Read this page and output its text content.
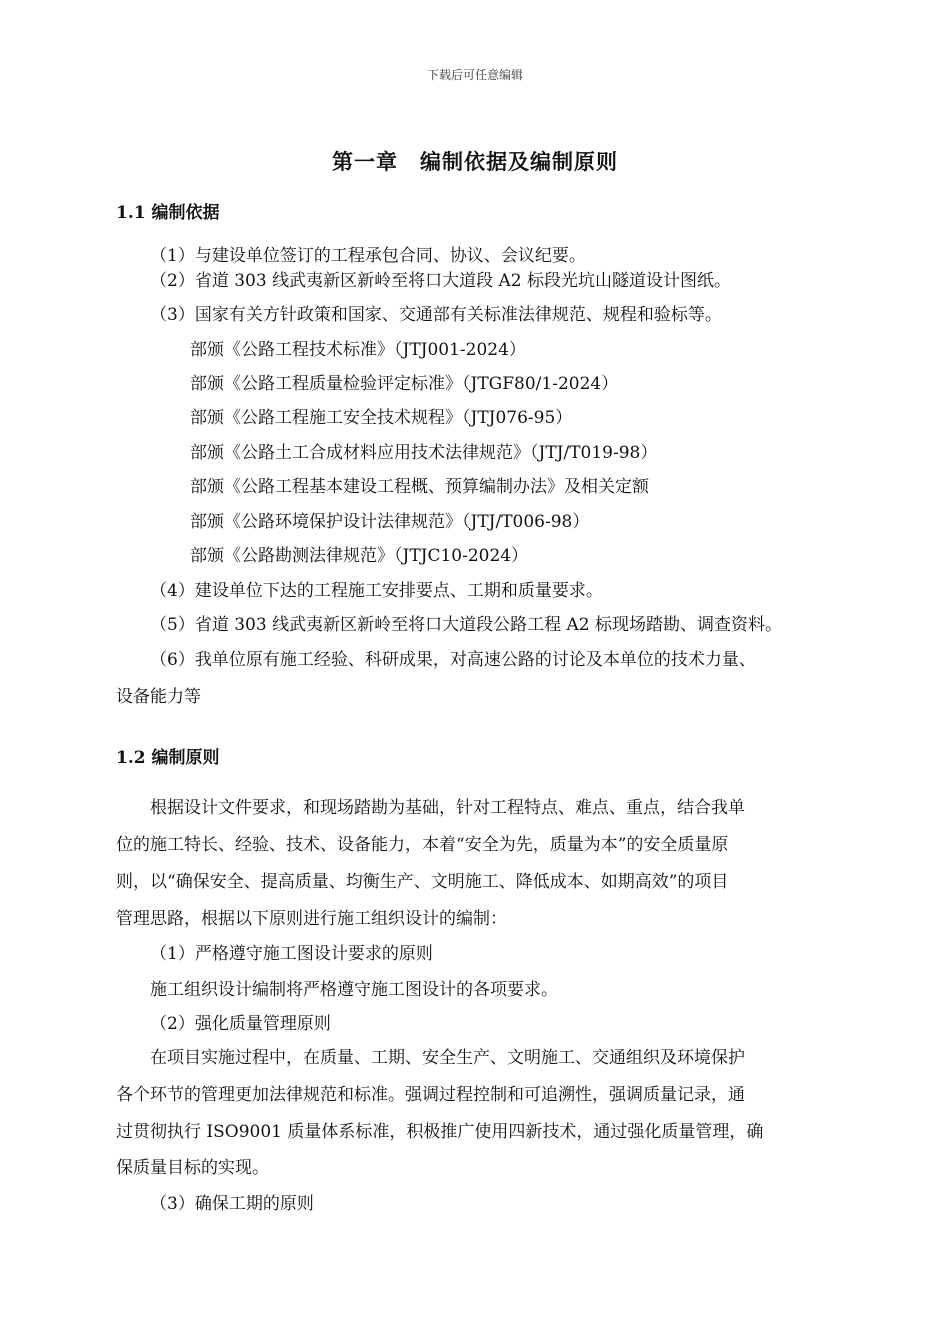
下载后可任意编辑
第一章　编制依据及编制原则
1.1 编制依据
（1）与建设单位签订的工程承包合同、协议、会议纪要。
（2）省道 303 线武夷新区新岭至将口大道段 A2 标段光坑山隧道设计图纸。
（3）国家有关方针政策和国家、交通部有关标准法律规范、规程和验标等。
部颁《公路工程技术标准》（JTJ001-2024）
部颁《公路工程质量检验评定标准》（JTGF80/1-2024）
部颁《公路工程施工安全技术规程》（JTJ076-95）
部颁《公路土工合成材料应用技术法律规范》（JTJ/T019-98）
部颁《公路工程基本建设工程概、预算编制办法》及相关定额
部颁《公路环境保护设计法律规范》（JTJ/T006-98）
部颁《公路勘测法律规范》（JTJC10-2024）
（4）建设单位下达的工程施工安排要点、工期和质量要求。
（5）省道 303 线武夷新区新岭至将口大道段公路工程 A2 标现场踏勘、调查资料。
（6）我单位原有施工经验、科研成果，对高速公路的讨论及本单位的技术力量、
设备能力等
1.2 编制原则
根据设计文件要求，和现场踏勘为基础，针对工程特点、难点、重点，结合我单
位的施工特长、经验、技术、设备能力，本着“安全为先，质量为本”的安全质量原
则，以“确保安全、提高质量、均衡生产、文明施工、降低成本、如期高效”的项目
管理思路，根据以下原则进行施工组织设计的编制：
（1）严格遵守施工图设计要求的原则
施工组织设计编制将严格遵守施工图设计的各项要求。
（2）强化质量管理原则
在项目实施过程中，在质量、工期、安全生产、文明施工、交通组织及环境保护
各个环节的管理更加法律规范和标准。强调过程控制和可追溯性，强调质量记录，通
过贯彻执行 ISO9001 质量体系标准，积极推广使用四新技术，通过强化质量管理，确
保质量目标的实现。
（3）确保工期的原则
